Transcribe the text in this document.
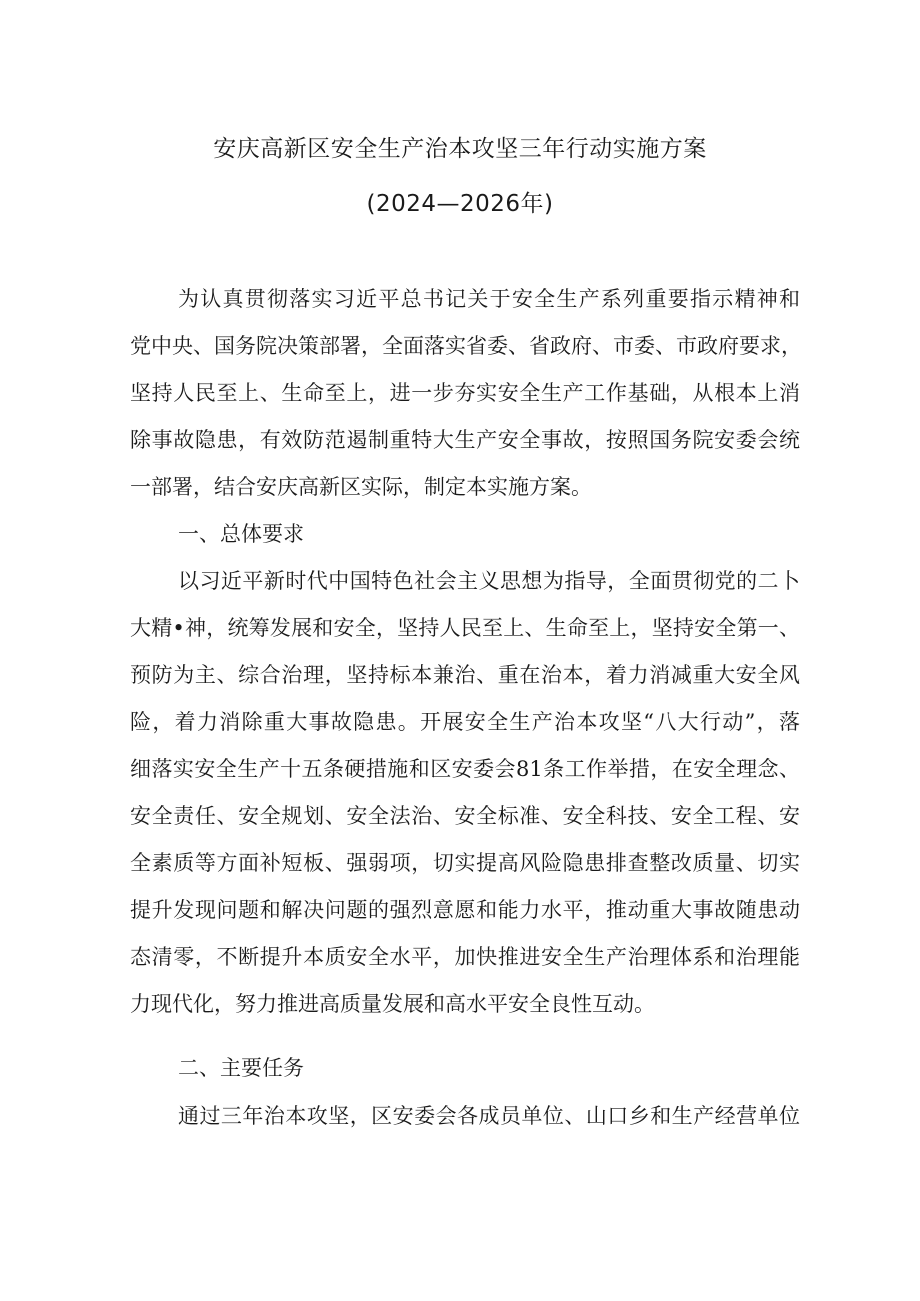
安庆高新区安全生产治本攻坚三年行动实施方案
(2024—2026年)
为认真贯彻落实习近平总书记关于安全生产系列重要指示精神和
党中央、国务院决策部署，全面落实省委、省政府、市委、市政府要求，
坚持人民至上、生命至上，进一步夯实安全生产工作基础，从根本上消
除事故隐患，有效防范遏制重特大生产安全事故，按照国务院安委会统
一部署，结合安庆高新区实际，制定本实施方案。
一、总体要求
以习近平新时代中国特色社会主义思想为指导，全面贯彻党的二卜
大精•神，统筹发展和安全，坚持人民至上、生命至上，坚持安全第一、
预防为主、综合治理，坚持标本兼治、重在治本，着力消减重大安全风
险，着力消除重大事故隐患。开展安全生产治本攻坚“八大行动”，落
细落实安全生产十五条硬措施和区安委会81条工作举措，在安全理念、
安全责任、安全规划、安全法治、安全标准、安全科技、安全工程、安
全素质等方面补短板、强弱项，切实提高风险隐患排查整改质量、切实
提升发现问题和解决问题的强烈意愿和能力水平，推动重大事故随患动
态清零，不断提升本质安全水平，加快推进安全生产治理体系和治理能
力现代化，努力推进高质量发展和高水平安全良性互动。
二、主要任务
通过三年治本攻坚，区安委会各成员单位、山口乡和生产经营单位
